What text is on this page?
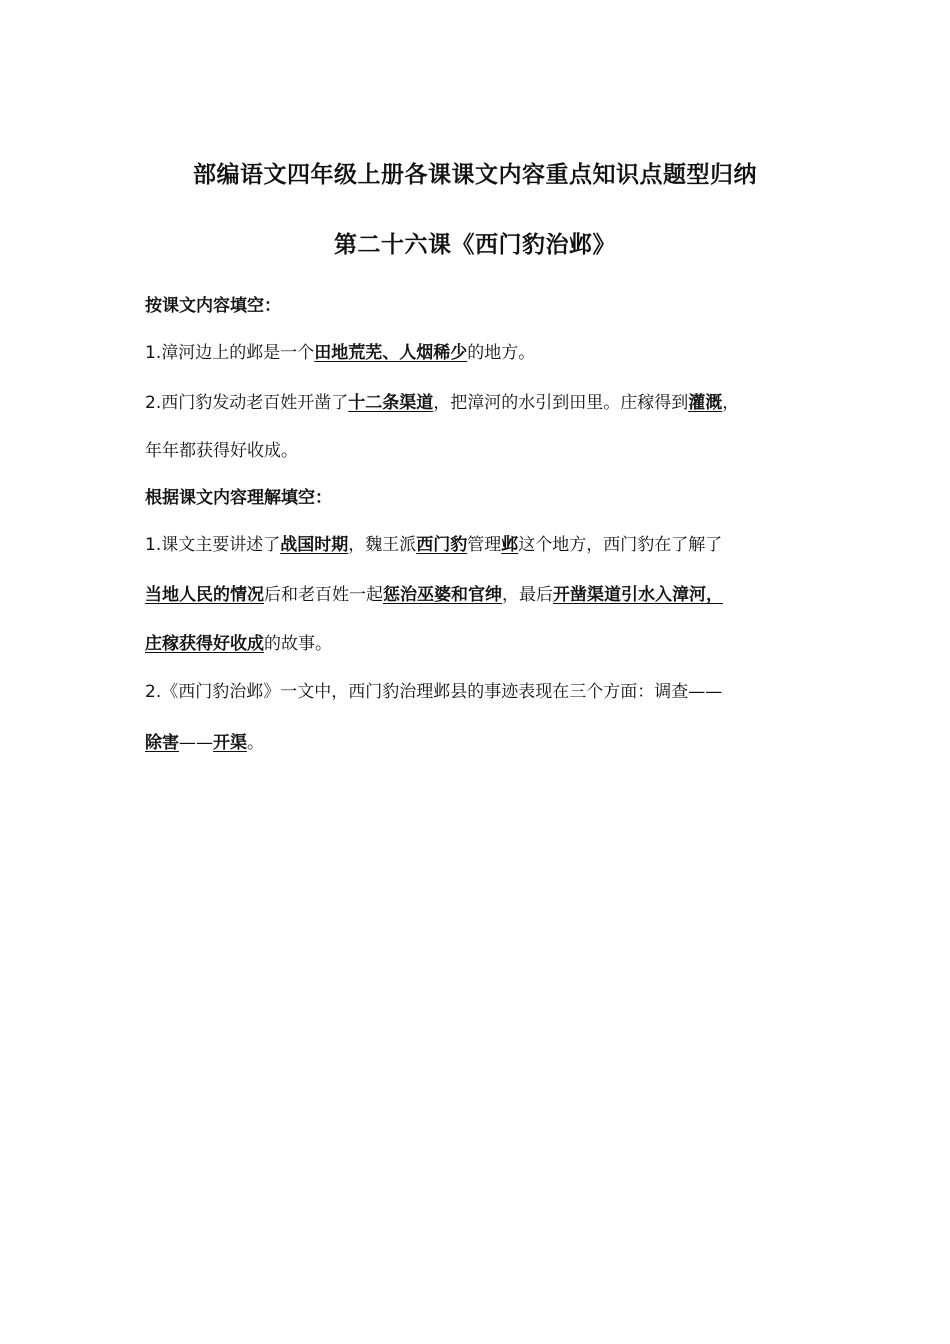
部编语文四年级上册各课课文内容重点知识点题型归纳
第二十六课《西门豹治邺》
按课文内容填空：
1.漳河边上的邺是一个田地荒芜、人烟稀少的地方。
2.西门豹发动老百姓开凿了十二条渠道，把漳河的水引到田里。庄稼得到灌溉，
年年都获得好收成。
根据课文内容理解填空：
1.课文主要讲述了战国时期，魏王派西门豹管理邺这个地方，西门豹在了解了
当地人民的情况后和老百姓一起惩治巫婆和官绅，最后开凿渠道引水入漳河，
庄稼获得好收成的故事。
2.《西门豹治邺》一文中，西门豹治理邺县的事迹表现在三个方面：调查——
除害——开渠。
